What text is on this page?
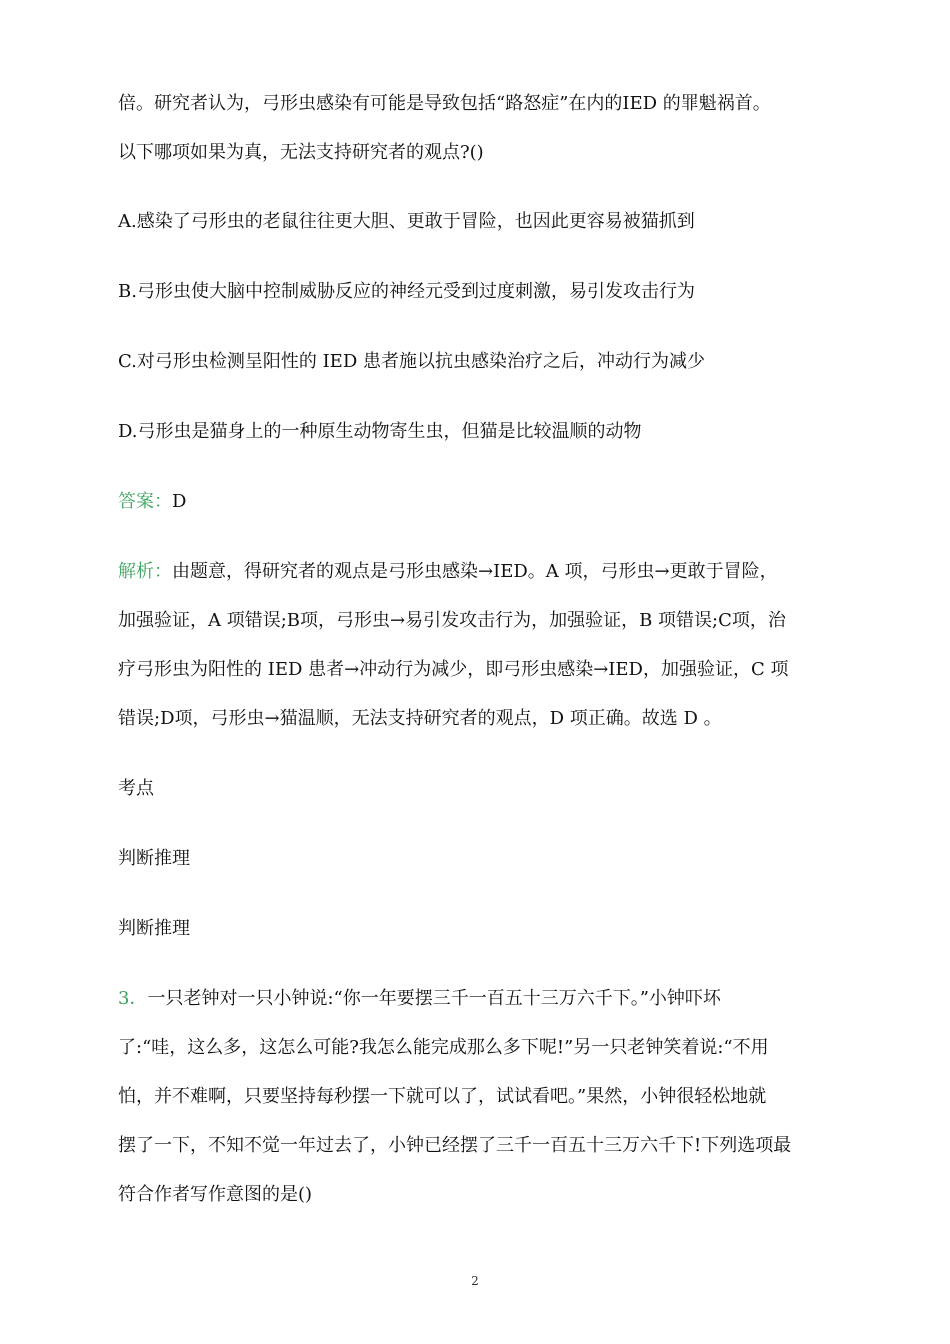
倍。研究者认为，弓形虫感染有可能是导致包括“路怒症”在内的IED 的罪魁祸首。
以下哪项如果为真，无法支持研究者的观点?()
A.感染了弓形虫的老鼠往往更大胆、更敢于冒险，也因此更容易被猫抓到
B.弓形虫使大脑中控制威胁反应的神经元受到过度刺激，易引发攻击行为
C.对弓形虫检测呈阳性的 IED 患者施以抗虫感染治疗之后，冲动行为减少
D.弓形虫是猫身上的一种原生动物寄生虫，但猫是比较温顺的动物
答案：D
解析：由题意，得研究者的观点是弓形虫感染→IED。A 项，弓形虫→更敢于冒险，
加强验证，A 项错误;B项，弓形虫→易引发攻击行为，加强验证，B 项错误;C项，治
疗弓形虫为阳性的 IED 患者→冲动行为减少，即弓形虫感染→IED，加强验证，C 项
错误;D项，弓形虫→猫温顺，无法支持研究者的观点，D 项正确。故选 D 。
考点
判断推理
判断推理
3．一只老钟对一只小钟说:“你一年要摆三千一百五十三万六千下。”小钟吓坏
了:“哇，这么多，这怎么可能?我怎么能完成那么多下呢!”另一只老钟笑着说:“不用
怕，并不难啊，只要坚持每秒摆一下就可以了，试试看吧。”果然，小钟很轻松地就
摆了一下，不知不觉一年过去了，小钟已经摆了三千一百五十三万六千下!下列选项最
符合作者写作意图的是()
2
